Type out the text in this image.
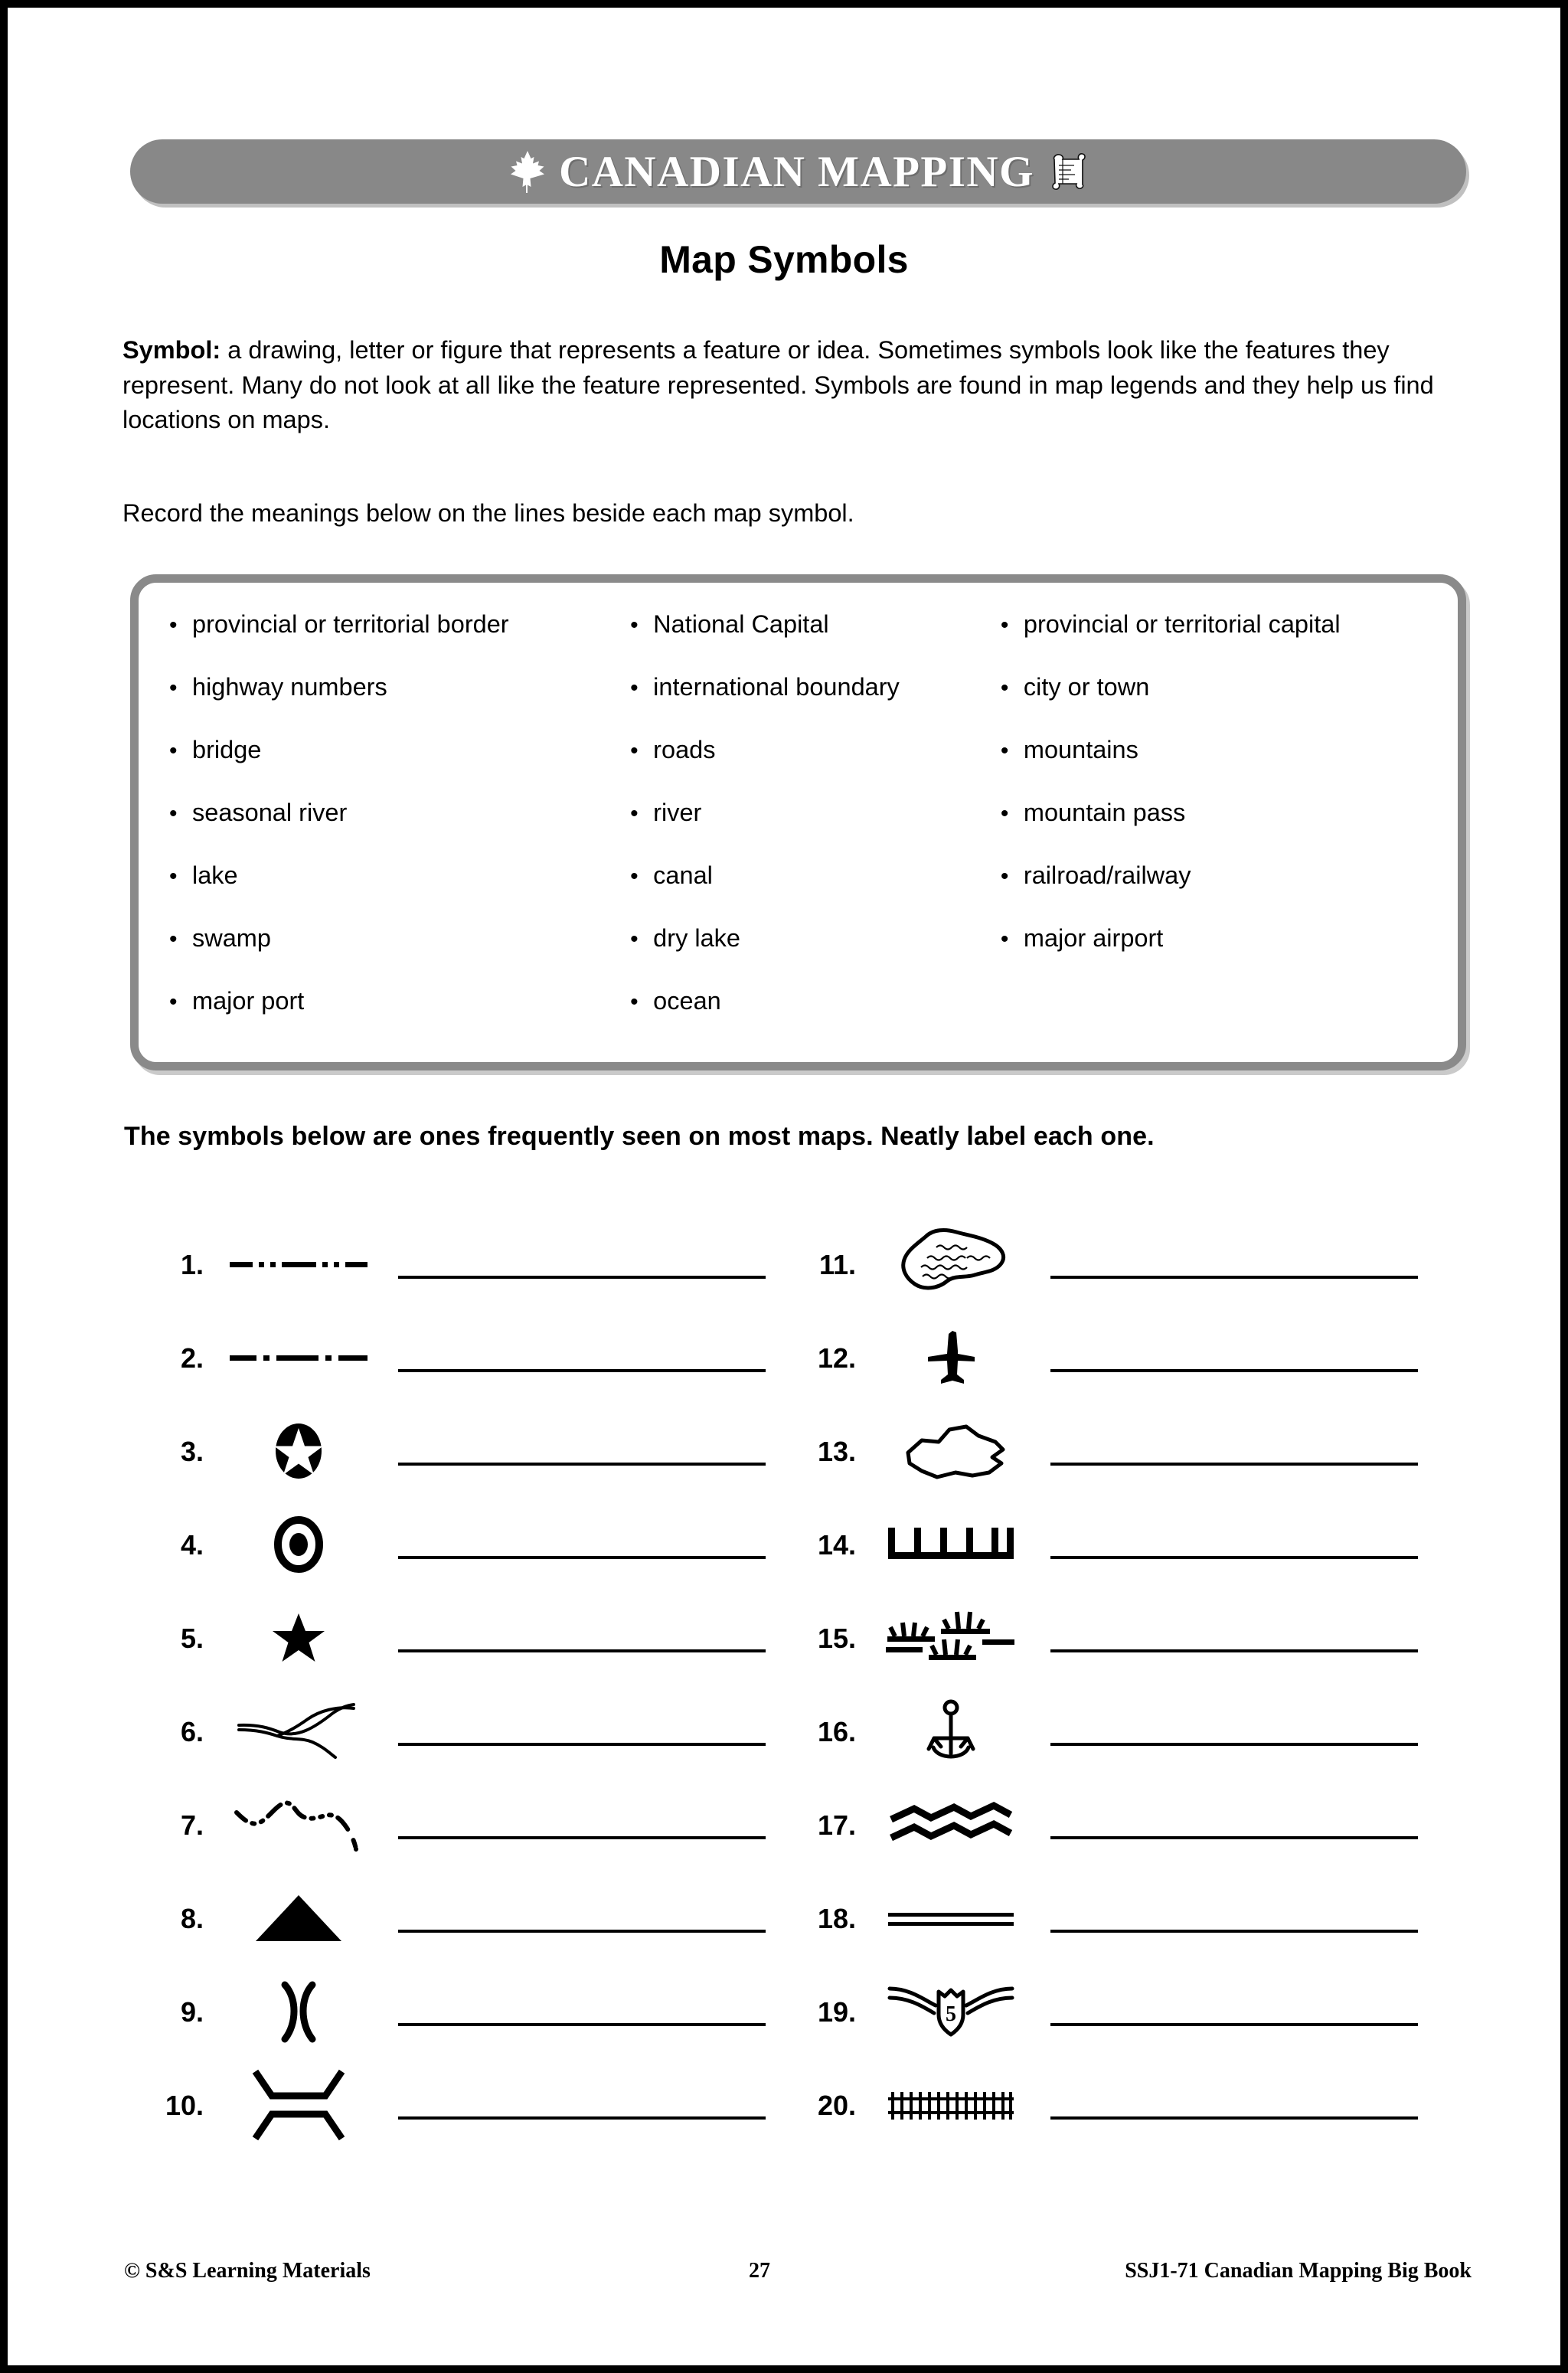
CANADIAN MAPPING
Map Symbols
Symbol: a drawing, letter or figure that represents a feature or idea. Sometimes symbols look like the features they represent. Many do not look at all like the feature represented. Symbols are found in map legends and they help us find locations on maps.
Record the meanings below on the lines beside each map symbol.
• provincial or territorial border
• highway numbers
• bridge
• seasonal river
• lake
• swamp
• major port
• National Capital
• international boundary
• roads
• river
• canal
• dry lake
• ocean
• provincial or territorial capital
• city or town
• mountains
• mountain pass
• railroad/railway
• major airport
The symbols below are ones frequently seen on most maps. Neatly label each one.
1.
2.
3.
4.
5.
6.
7.
8.
9.
10.
11.
12.
13.
14.
15.
16.
17.
18.
19.	5
20.
© S&S Learning Materials	27	SSJ1-71 Canadian Mapping Big Book
